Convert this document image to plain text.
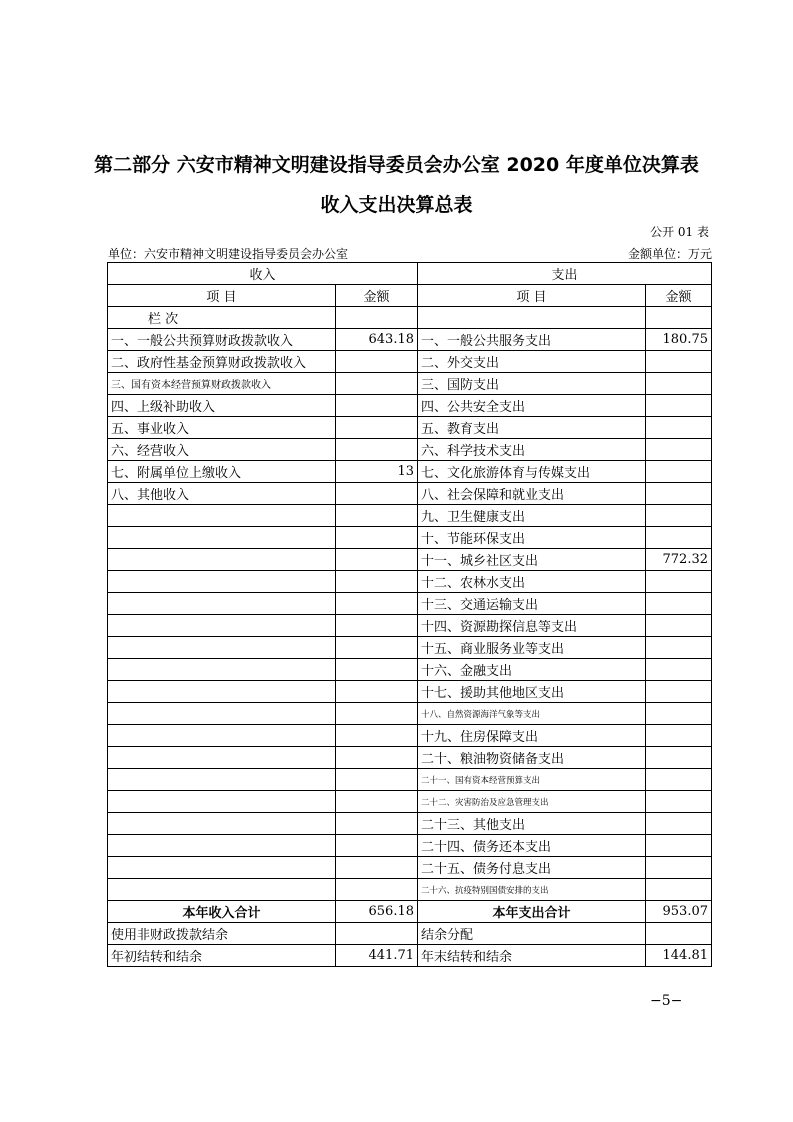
第二部分 六安市精神文明建设指导委员会办公室 2020 年度单位决算表
收入支出决算总表
公开 01 表
单位：六安市精神文明建设指导委员会办公室	金额单位：万元
收入		支出	
项 目	金额	项 目	金额
栏 次			
一、一般公共预算财政拨款收入	643.18	一、一般公共服务支出	180.75
二、政府性基金预算财政拨款收入		二、外交支出	
三、国有资本经营预算财政拨款收入		三、国防支出	
四、上级补助收入		四、公共安全支出	
五、事业收入		五、教育支出	
六、经营收入		六、科学技术支出	
七、附属单位上缴收入	13	七、文化旅游体育与传媒支出	
八、其他收入		八、社会保障和就业支出	
		九、卫生健康支出	
		十、节能环保支出	
		十一、城乡社区支出	772.32
		十二、农林水支出	
		十三、交通运输支出	
		十四、资源勘探信息等支出	
		十五、商业服务业等支出	
		十六、金融支出	
		十七、援助其他地区支出	
		十八、自然资源海洋气象等支出	
		十九、住房保障支出	
		二十、粮油物资储备支出	
		二十一、国有资本经营预算支出	
		二十二、灾害防治及应急管理支出	
		二十三、其他支出	
		二十四、债务还本支出	
		二十五、债务付息支出	
		二十六、抗疫特别国债安排的支出	
本年收入合计	656.18	本年支出合计	953.07
使用非财政拨款结余		结余分配	
年初结转和结余	441.71	年末结转和结余	144.81
−5−
